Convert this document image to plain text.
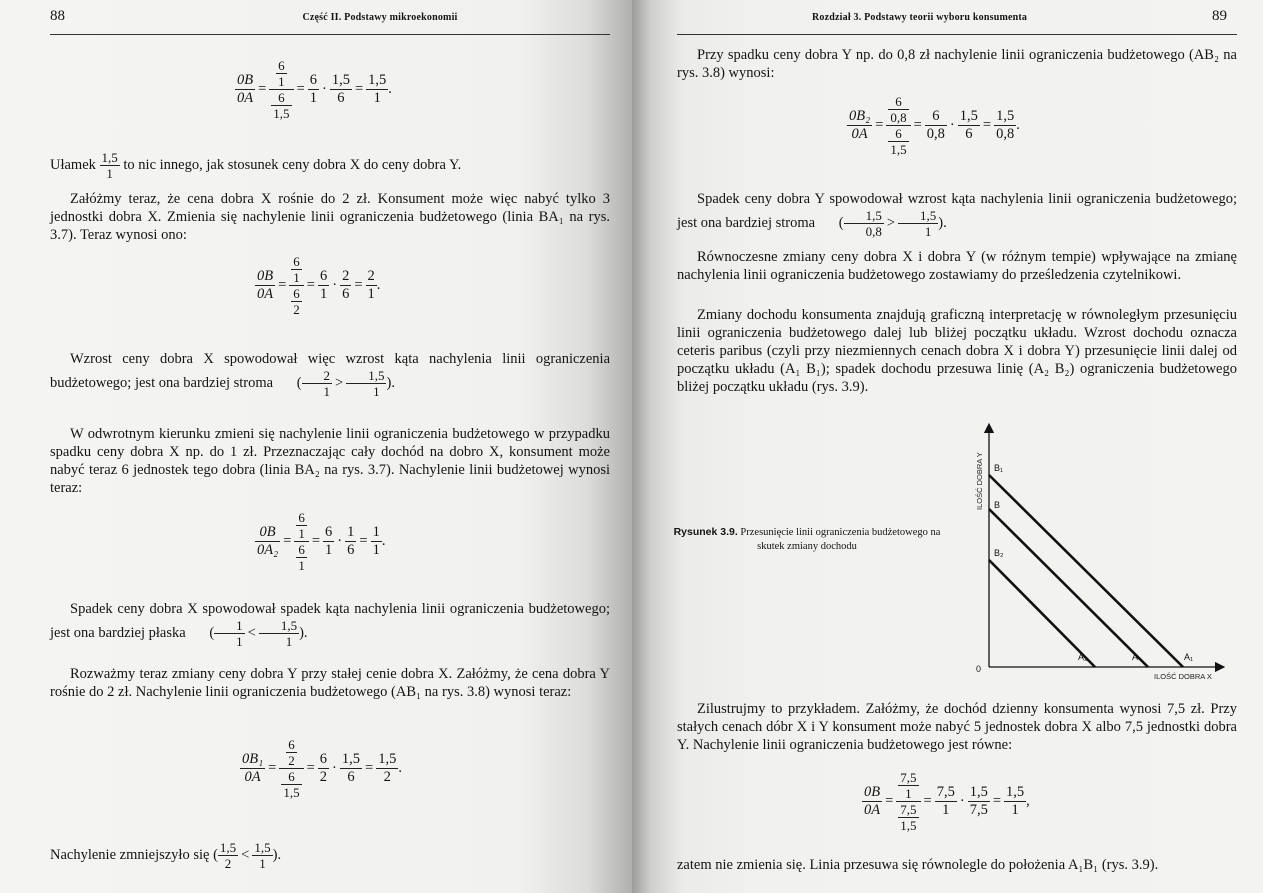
88	Część II. Podstawy mikroekonomii
$\frac{0B}{0A} = \frac{\frac{6}{1}}{\frac{6}{1,5}} = \frac{6}{1} \cdot \frac{1,5}{6} = \frac{1,5}{1}$ .
Ułamek $\frac{1,5}{1}$ to nic innego, jak stosunek ceny dobra X do ceny dobra Y.

Załóżmy teraz, że cena dobra X rośnie do 2 zł. Konsument może więc nabyć tylko 3 jednostki dobra X. Zmienia się nachylenie linii ograniczenia budżetowego (linia BA₁ na rys. 3.7). Teraz wynosi ono:

$\frac{0B}{0A} = \frac{\frac{6}{1}}{\frac{6}{2}} = \frac{6}{1} \cdot \frac{2}{6} = \frac{2}{1}$ .
Wzrost ceny dobra X spowodował więc wzrost kąta nachylenia linii ograniczenia budżetowego; jest ona bardziej stroma ( $\frac{2}{1} > \frac{1,5}{1}$ ).

W odwrotnym kierunku zmieni się nachylenie linii ograniczenia budżetowego w przypadku spadku ceny dobra X np. do 1 zł. Przeznaczając cały dochód na dobro X, konsument może nabyć teraz 6 jednostek tego dobra (linia BA₂ na rys. 3.7). Nachylenie linii budżetowej wynosi teraz:

$\frac{0B}{\text{0A₂}} = \frac{\frac{6}{1}}{\frac{6}{1}} = \frac{6}{1} \cdot \frac{1}{6} = \frac{1}{1}$ .
Spadek ceny dobra X spowodował spadek kąta nachylenia linii ograniczenia budżetowego; jest ona bardziej płaska ( $\frac{1}{1} < \frac{1,5}{1}$ ).

Rozważmy teraz zmiany ceny dobra Y przy stałej cenie dobra X. Załóżmy, że cena dobra Y rośnie do 2 zł. Nachylenie linii ograniczenia budżetowego (AB₁ na rys. 3.8) wynosi teraz:

$\frac{\text{0B₁}}{0A} = \frac{\frac{6}{2}}{\frac{6}{1,5}} = \frac{6}{2} \cdot \frac{1,5}{6} = \frac{1,5}{2}$ .
Nachylenie zmniejszyło się ( $\frac{1,5}{2} < \frac{1,5}{1}$ ).
Rozdział 3. Podstawy teorii wyboru konsumenta	89

Przy spadku ceny dobra Y np. do 0,8 zł nachylenie linii ograniczenia budżetowego (AB₂ na rys. 3.8) wynosi:

$\frac{\text{0B₂}}{0A} = \frac{\frac{6}{0,8}}{\frac{6}{1,5}} = \frac{6}{0,8} \cdot \frac{1,5}{6} = \frac{1,5}{0,8}$ .
Spadek ceny dobra Y spowodował wzrost kąta nachylenia linii ograniczenia budżetowego; jest ona bardziej stroma ( $\frac{1,5}{0,8} > \frac{1,5}{1}$ ).

Równoczesne zmiany ceny dobra X i dobra Y (w różnym tempie) wpływające na zmianę nachylenia linii ograniczenia budżetowego zostawiamy do prześledzenia czytelnikowi.

Zmiany dochodu konsumenta znajdują graficzną interpretację w równoległym przesunięciu linii ograniczenia budżetowego dalej lub bliżej początku układu. Wzrost dochodu oznacza ceteris paribus (czyli przy niezmiennych cenach dobra X i dobra Y) przesunięcie linii dalej od początku układu (A₁ B₁); spadek dochodu przesuwa linię (A₂ B₂) ograniczenia budżetowego bliżej początku układu (rys. 3.9).

Rysunek 3.9. Przesunięcie linii ograniczenia budżetowego na skutek zmiany dochodu
ILOŚĆ DOBRA Y
ILOŚĆ DOBRA X
0
B₁
B
B₂
A₂	A	A₁

Zilustrujmy to przykładem. Załóżmy, że dochód dzienny konsumenta wynosi 7,5 zł. Przy stałych cenach dóbr X i Y konsument może nabyć 5 jednostek dobra X albo 7,5 jednostki dobra Y. Nachylenie linii ograniczenia budżetowego jest równe:

$\frac{0B}{0A} = \frac{\frac{7,5}{1}}{\frac{7,5}{1,5}} = \frac{7,5}{1} \cdot \frac{1,5}{7,5} = \frac{1,5}{1}$ ,

zatem nie zmienia się. Linia przesuwa się równolegle do położenia A₁B₁ (rys. 3.9).
